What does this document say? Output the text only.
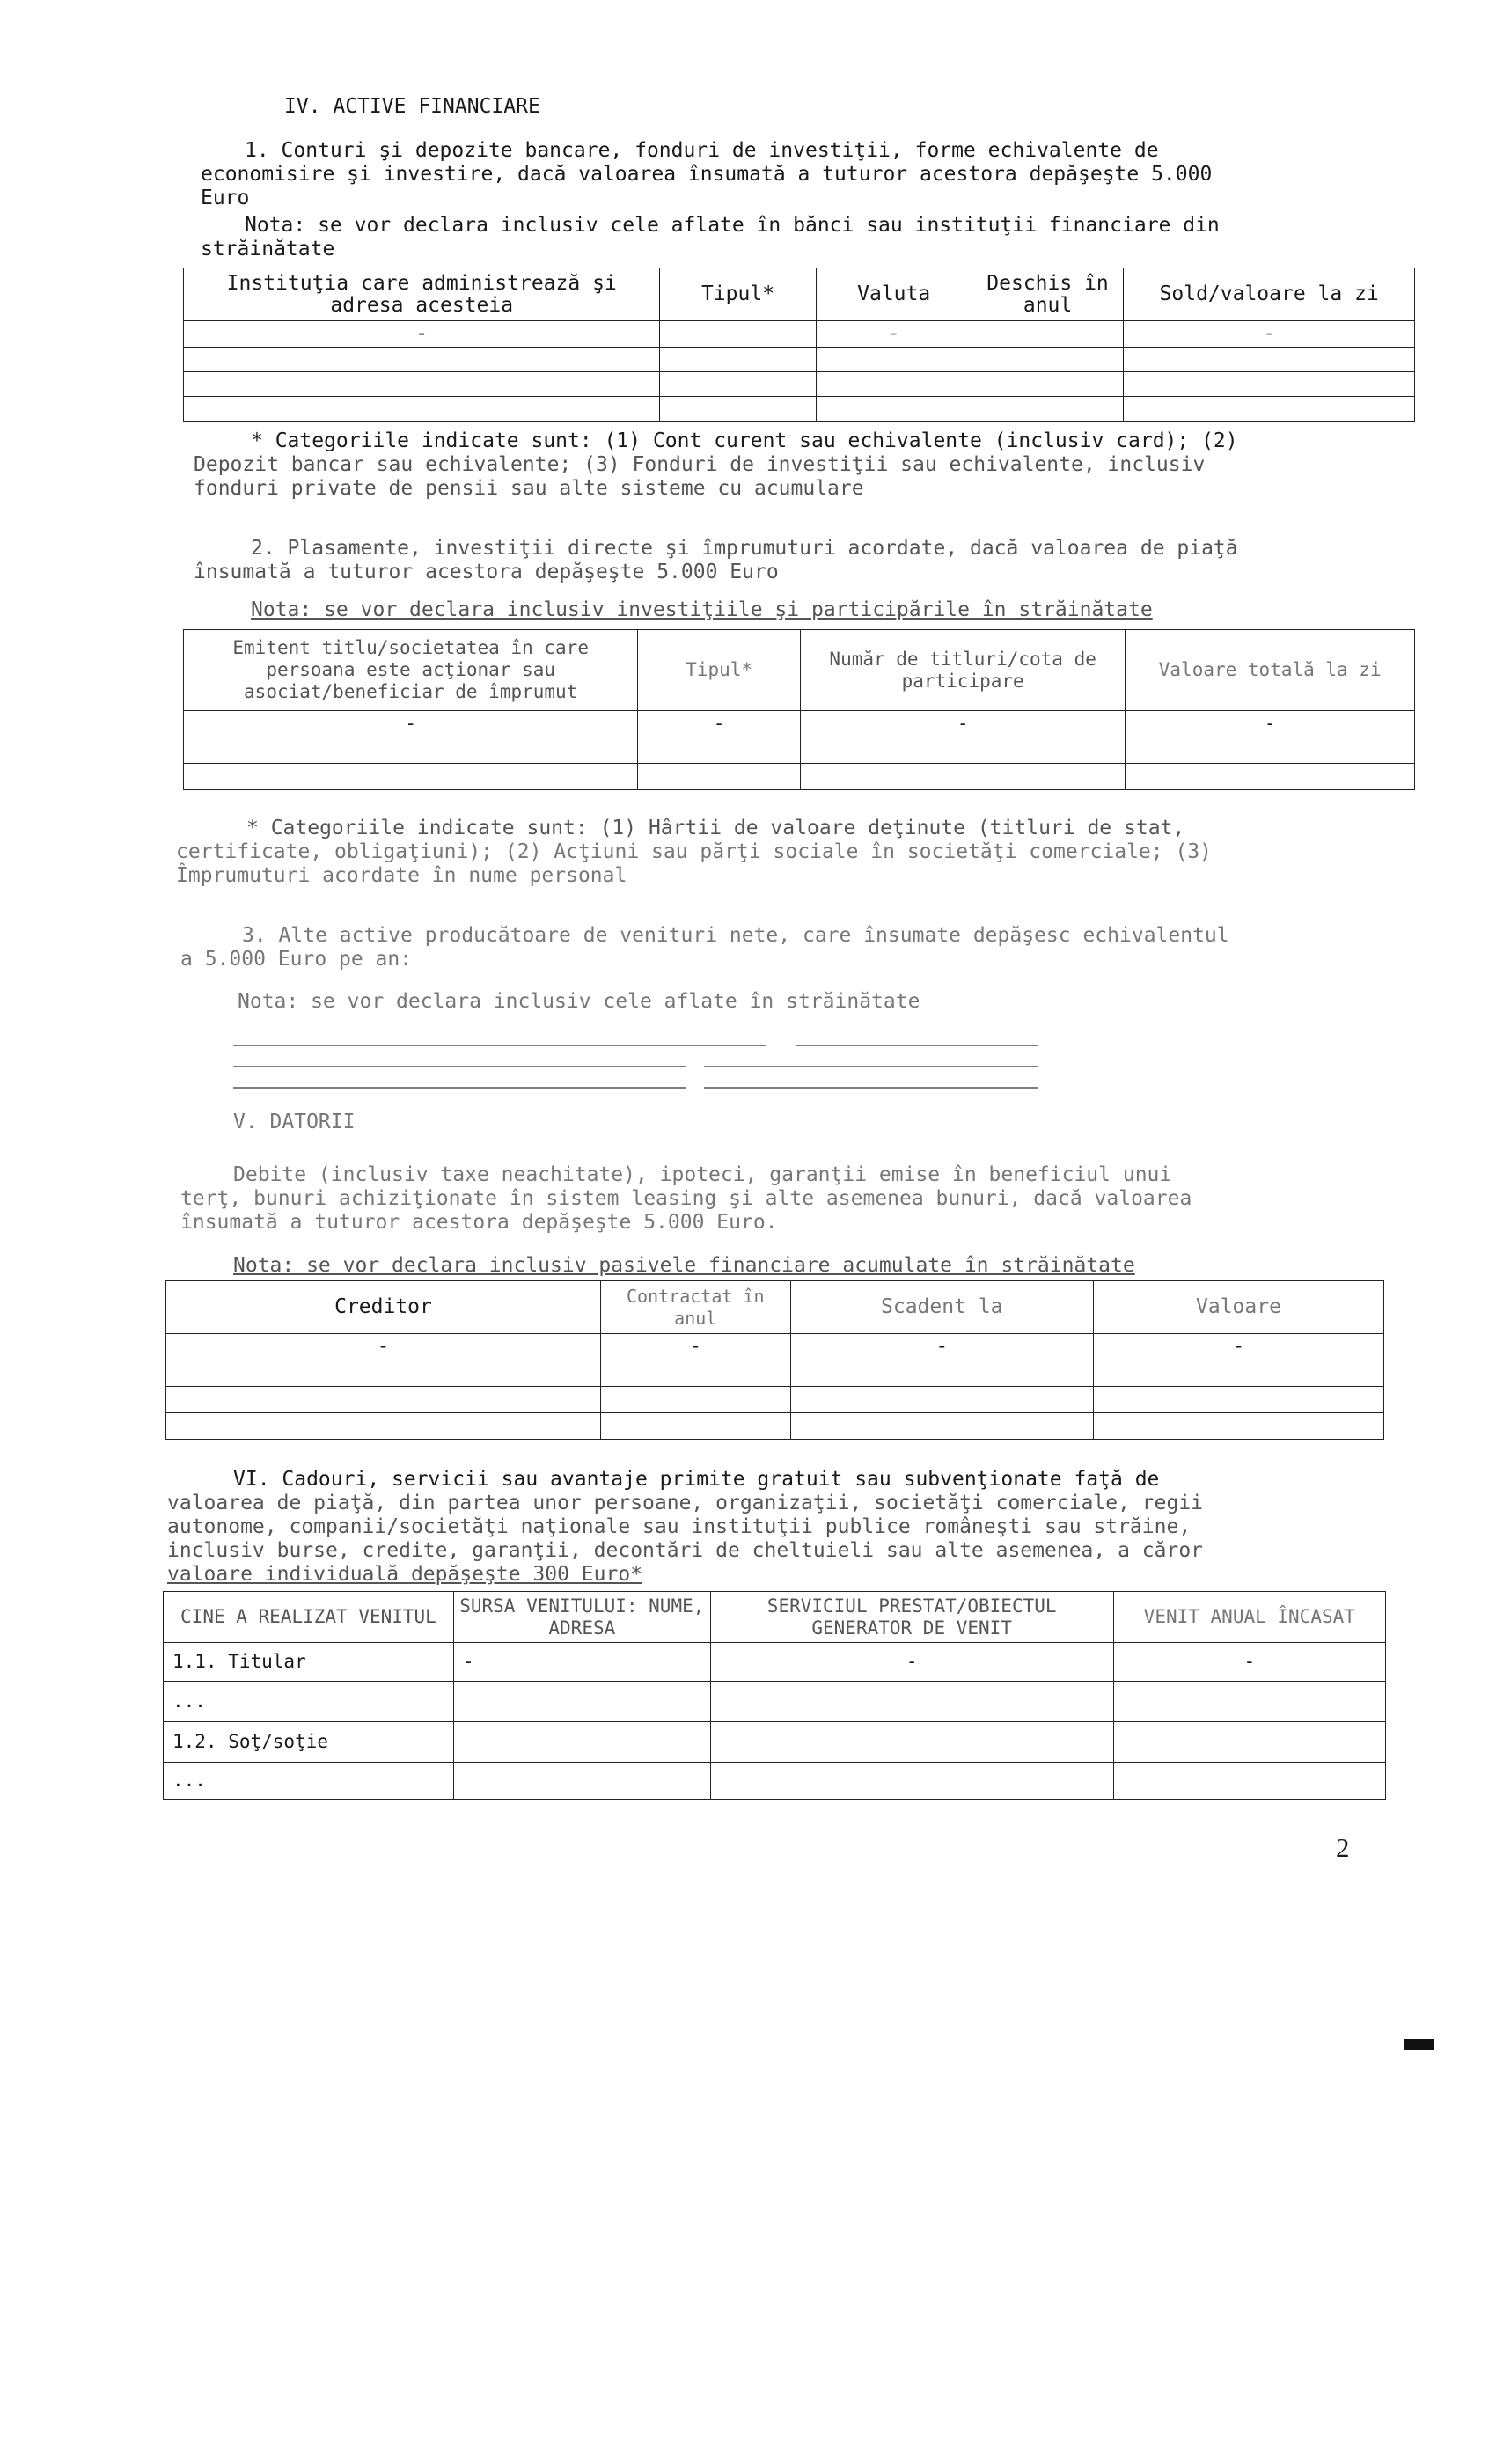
IV. ACTIVE FINANCIARE
1. Conturi şi depozite bancare, fonduri de investiţii, forme echivalente de
economisire şi investire, dacă valoarea însumată a tuturor acestora depăşeşte 5.000
Euro
Nota: se vor declara inclusiv cele aflate în bănci sau instituţii financiare din
străinătate
Instituţia care administrează şi adresa acesteia	Tipul*	Valuta	Deschis în anul	Sold/valoare la zi
-		-		-

* Categoriile indicate sunt: (1) Cont curent sau echivalente (inclusiv card); (2)
Depozit bancar sau echivalente; (3) Fonduri de investiţii sau echivalente, inclusiv
fonduri private de pensii sau alte sisteme cu acumulare
2. Plasamente, investiţii directe şi împrumuturi acordate, dacă valoarea de piaţă
însumată a tuturor acestora depăşeşte 5.000 Euro
Nota: se vor declara inclusiv investiţiile şi participările în străinătate
Emitent titlu/societatea în care persoana este acţionar sau asociat/beneficiar de împrumut	Tipul*	Număr de titluri/cota de participare	Valoare totală la zi
-	-	-	-

* Categoriile indicate sunt: (1) Hârtii de valoare deţinute (titluri de stat,
certificate, obligaţiuni); (2) Acţiuni sau părţi sociale în societăţi comerciale; (3)
Împrumuturi acordate în nume personal
3. Alte active producătoare de venituri nete, care însumate depăşesc echivalentul
a 5.000 Euro pe an:
Nota: se vor declara inclusiv cele aflate în străinătate
V. DATORII
Debite (inclusiv taxe neachitate), ipoteci, garanţii emise în beneficiul unui
terţ, bunuri achiziţionate în sistem leasing şi alte asemenea bunuri, dacă valoarea
însumată a tuturor acestora depăşeşte 5.000 Euro.
Nota: se vor declara inclusiv pasivele financiare acumulate în străinătate
Creditor	Contractat în anul	Scadent la	Valoare
-	-	-	-

VI. Cadouri, servicii sau avantaje primite gratuit sau subvenţionate faţă de
valoarea de piaţă, din partea unor persoane, organizaţii, societăţi comerciale, regii
autonome, companii/societăţi naţionale sau instituţii publice româneşti sau străine,
inclusiv burse, credite, garanţii, decontări de cheltuieli sau alte asemenea, a căror
valoare individuală depăşeşte 300 Euro*
CINE A REALIZAT VENITUL	SURSA VENITULUI: NUME, ADRESA	SERVICIUL PRESTAT/OBIECTUL GENERATOR DE VENIT	VENIT ANUAL ÎNCASAT
1.1. Titular	-	-	-
...			
1.2. Soţ/soţie			
...			
2
